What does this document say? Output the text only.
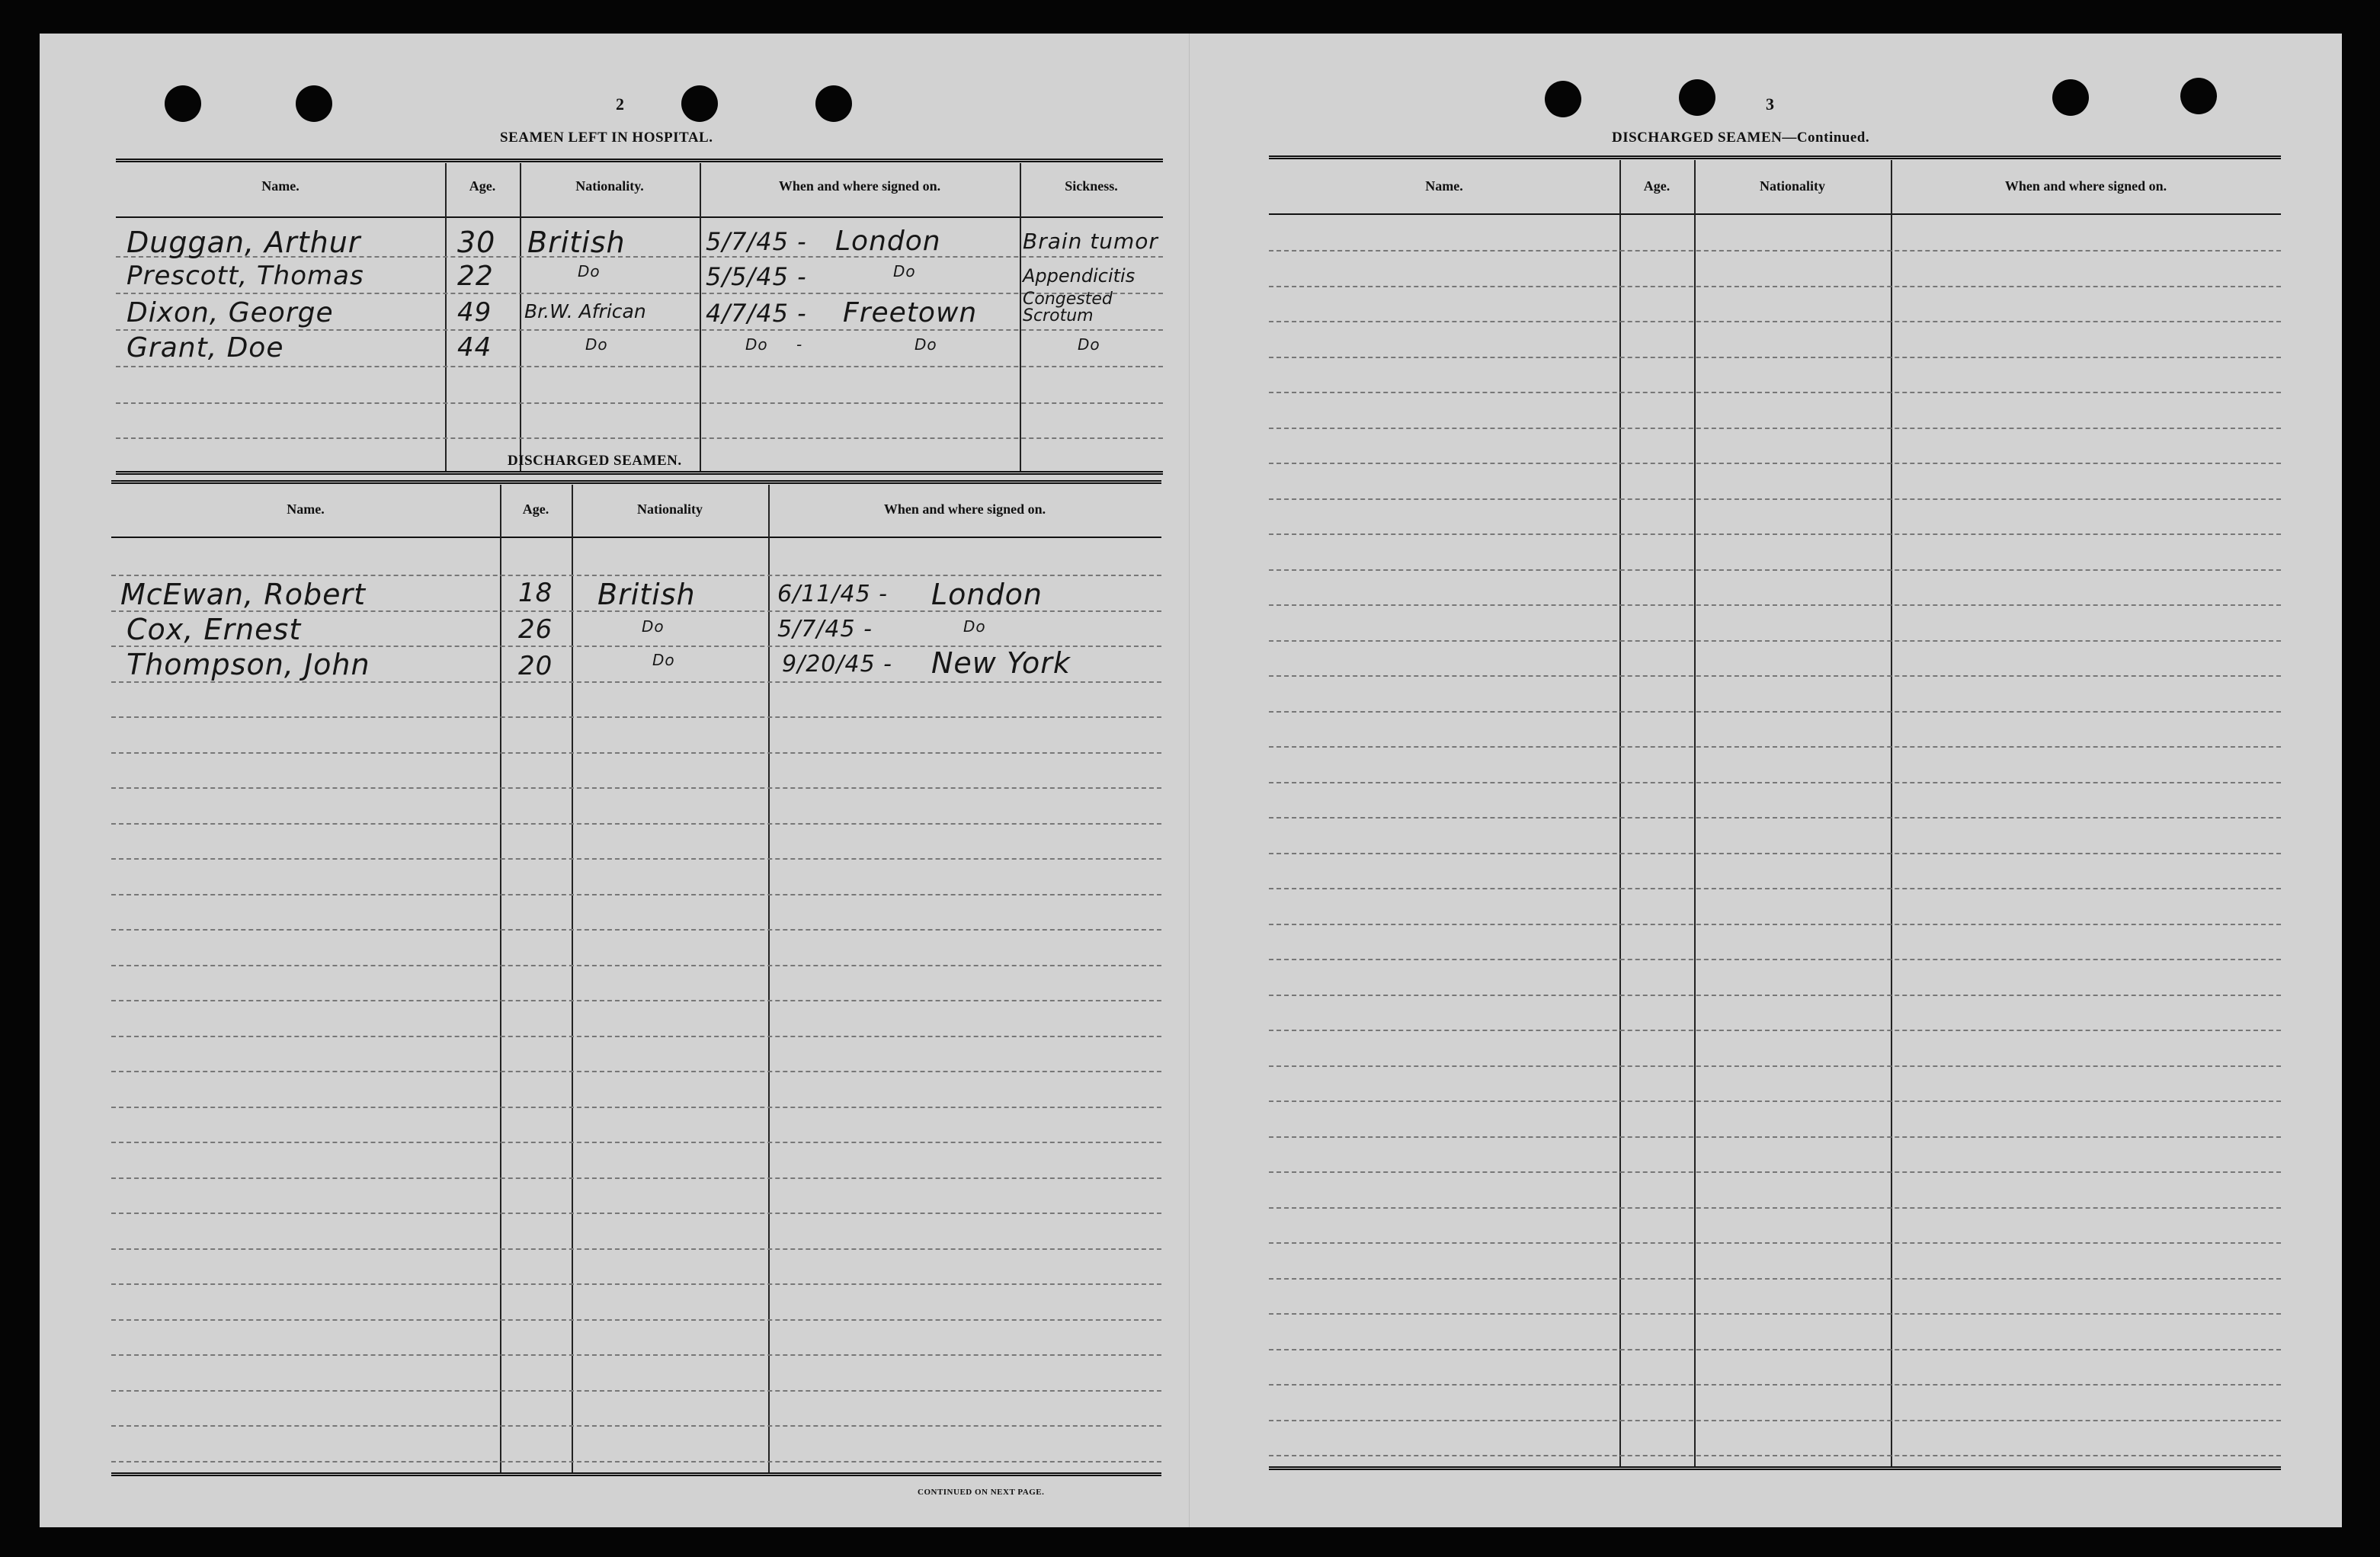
2
SEAMEN LEFT IN HOSPITAL.
Name.	Age.	Nationality.	When and where signed on.	Sickness.
Duggan, Arthur	30 British	5/7/45 - London	Brain tumor
Prescott, Thomas	22	Do	5/5/45 -	Do	Appendicitis
Dixon, George	49 Br.W. African 4/7/45 - Freetown	Congested Scrotum
Grant, Doe	44	Do	Do -	Do	Do
DISCHARGED SEAMEN.
Name.	Age.	Nationality	When and where signed on.
McEwan, Robert	18 British	6/11/45 - London
Cox, Ernest	26	Do	5/7/45 -	Do
Thompson, John	20	Do	9/20/45 - New York
CONTINUED ON NEXT PAGE.
3
DISCHARGED SEAMEN—Continued.
Name.	Age.	Nationality	When and where signed on.
